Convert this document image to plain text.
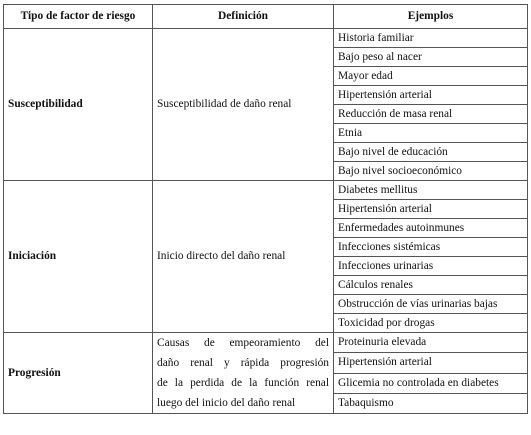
Tipo de factor de riesgo	Definición	Ejemplos
Susceptibilidad	Susceptibilidad de daño renal	Historia familiar
		Bajo peso al nacer
		Mayor edad
		Hipertensión arterial
		Reducción de masa renal
		Etnia
		Bajo nivel de educación
		Bajo nivel socioeconómico
Iniciación	Inicio directo del daño renal	Diabetes mellitus
		Hipertensión arterial
		Enfermedades autoinmunes
		Infecciones sistémicas
		Infecciones urinarias
		Cálculos renales
		Obstrucción de vías urinarias bajas
		Toxicidad por drogas
Progresión	Causas de empeoramiento del
daño renal y rápida progresión
de la perdida de la función renal
luego del inicio del daño renal	Proteinuria elevada
		Hipertensión arterial
		Glicemia no controlada en diabetes
		Tabaquismo
